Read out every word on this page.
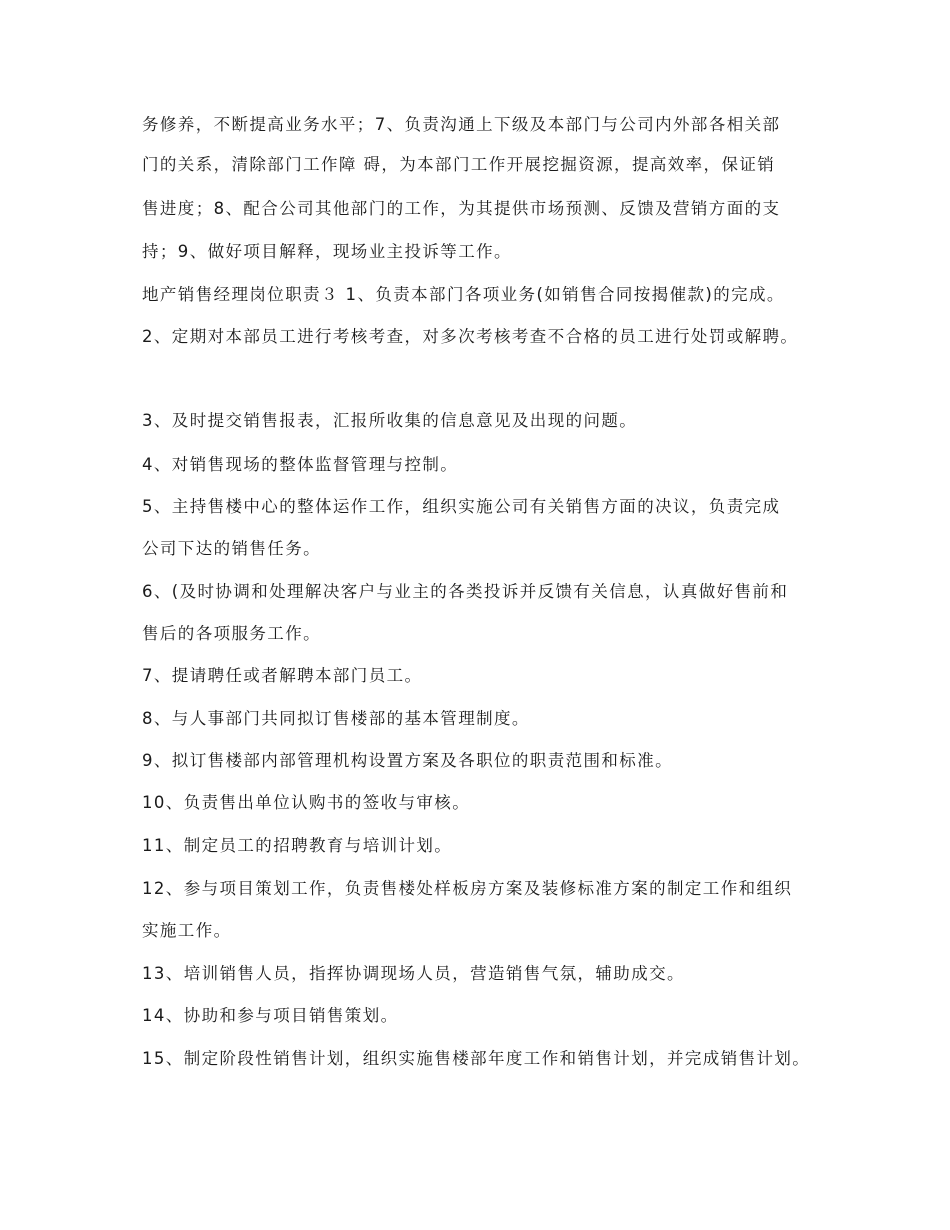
务修养，不断提高业务水平；7、负责沟通上下级及本部门与公司内外部各相关部
门的关系，清除部门工作障 碍，为本部门工作开展挖掘资源，提高效率，保证销
售进度；8、配合公司其他部门的工作，为其提供市场预测、反馈及营销方面的支
持；9、做好项目解释，现场业主投诉等工作。
地产销售经理岗位职责３ 1、负责本部门各项业务(如销售合同按揭催款)的完成。
2、定期对本部员工进行考核考查，对多次考核考查不合格的员工进行处罚或解聘。
3、及时提交销售报表，汇报所收集的信息意见及出现的问题。
4、对销售现场的整体监督管理与控制。
5、主持售楼中心的整体运作工作，组织实施公司有关销售方面的决议，负责完成
公司下达的销售任务。
6、(及时协调和处理解决客户与业主的各类投诉并反馈有关信息，认真做好售前和
售后的各项服务工作。
7、提请聘任或者解聘本部门员工。
8、与人事部门共同拟订售楼部的基本管理制度。
9、拟订售楼部内部管理机构设置方案及各职位的职责范围和标准。
10、负责售出单位认购书的签收与审核。
11、制定员工的招聘教育与培训计划。
12、参与项目策划工作，负责售楼处样板房方案及装修标准方案的制定工作和组织
实施工作。
13、培训销售人员，指挥协调现场人员，营造销售气氛，辅助成交。
14、协助和参与项目销售策划。
15、制定阶段性销售计划，组织实施售楼部年度工作和销售计划，并完成销售计划。
